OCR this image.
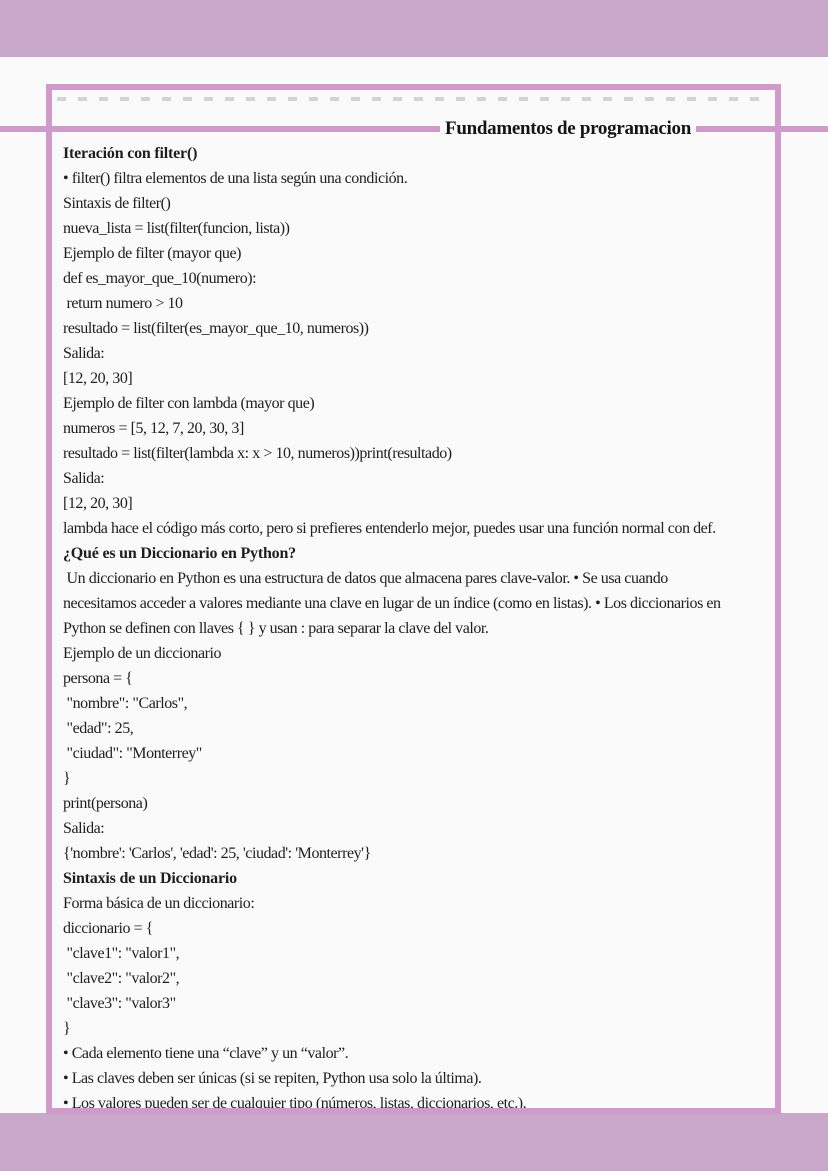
Fundamentos de programacion
Iteración con filter()
• filter() filtra elementos de una lista según una condición.
Sintaxis de filter()
nueva_lista = list(filter(funcion, lista))
Ejemplo de filter (mayor que)
def es_mayor_que_10(numero):
return numero > 10
resultado = list(filter(es_mayor_que_10, numeros))
Salida:
[12, 20, 30]
Ejemplo de filter con lambda (mayor que)
numeros = [5, 12, 7, 20, 30, 3]
resultado = list(filter(lambda x: x > 10, numeros))print(resultado)
Salida:
[12, 20, 30]
lambda hace el código más corto, pero si prefieres entenderlo mejor, puedes usar una función normal con def.
¿Qué es un Diccionario en Python?
Un diccionario en Python es una estructura de datos que almacena pares clave-valor. • Se usa cuando
necesitamos acceder a valores mediante una clave en lugar de un índice (como en listas). • Los diccionarios en
Python se definen con llaves { } y usan : para separar la clave del valor.
Ejemplo de un diccionario
persona = {
"nombre": "Carlos",
"edad": 25,
"ciudad": "Monterrey"
}
print(persona)
Salida:
{'nombre': 'Carlos', 'edad': 25, 'ciudad': 'Monterrey'}
Sintaxis de un Diccionario
Forma básica de un diccionario:
diccionario = {
"clave1": "valor1",
"clave2": "valor2",
"clave3": "valor3"
}
• Cada elemento tiene una “clave” y un “valor”.
• Las claves deben ser únicas (si se repiten, Python usa solo la última).
• Los valores pueden ser de cualquier tipo (números, listas, diccionarios, etc.).
